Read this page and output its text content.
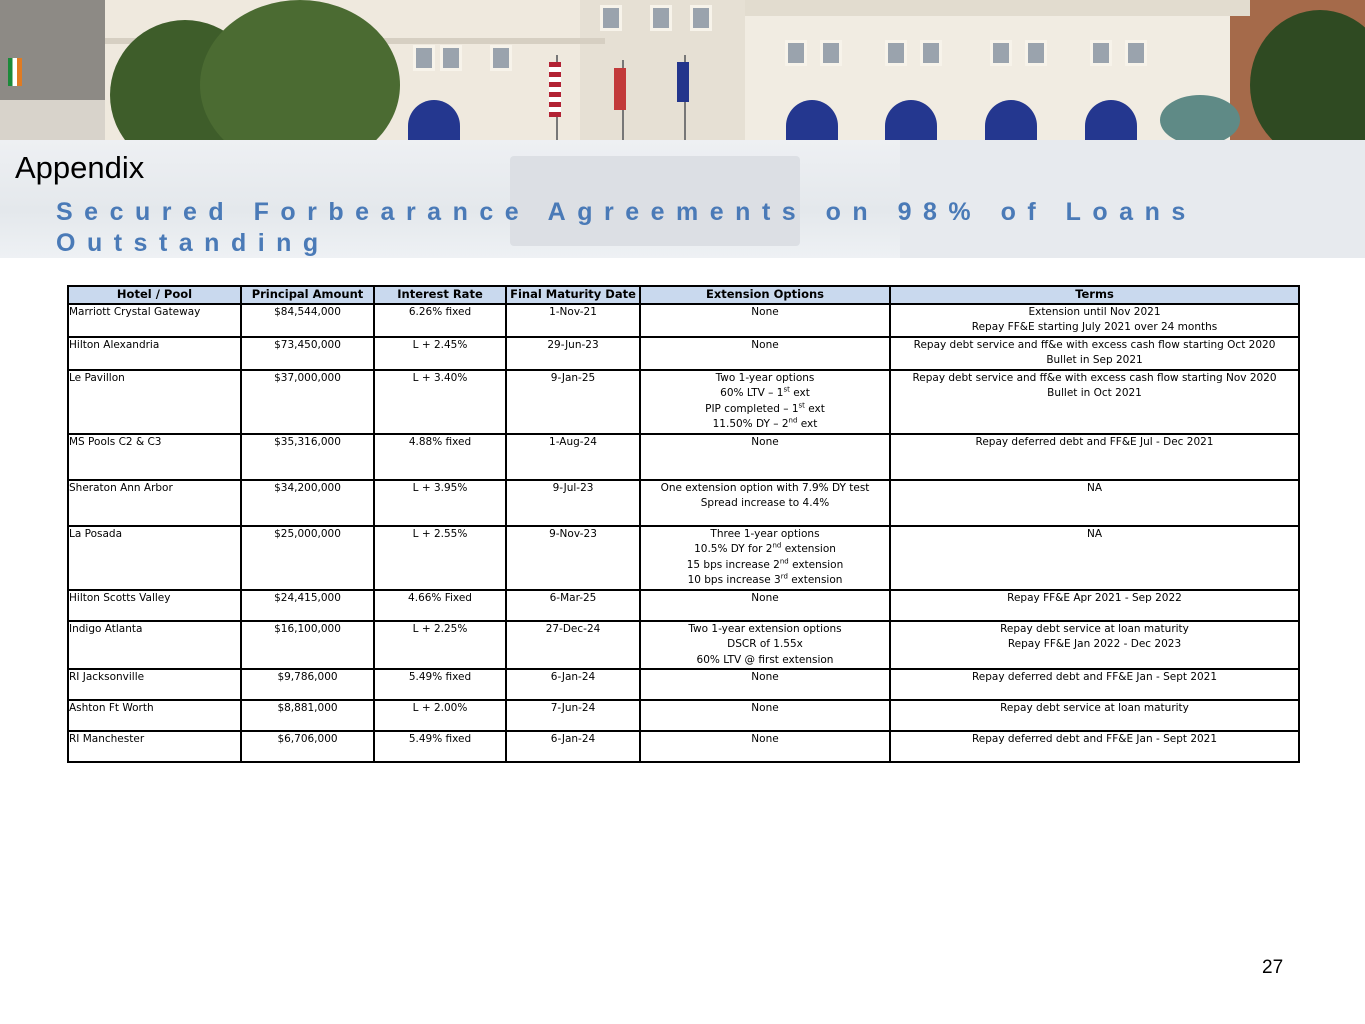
Appendix
Secured Forbearance Agreements on 98% of Loans Outstanding
Hotel / Pool	Principal Amount	Interest Rate	Final Maturity Date	Extension Options	Terms
Marriott Crystal Gateway	$84,544,000	6.26% fixed	1-Nov-21	None	Extension until Nov 2021
Repay FF&E starting July 2021 over 24 months

Hilton Alexandria	$73,450,000	L + 2.45%	29-Jun-23	None	Repay debt service and ff&e with excess cash flow starting Oct 2020
Bullet in Sep 2021

Le Pavillon	$37,000,000	L + 3.40%	9-Jan-25	Two 1-year options
60% LTV – 1st ext
PIP completed – 1st ext
11.50% DY – 2nd ext	Repay debt service and ff&e with excess cash flow starting Nov 2020
Bullet in Oct 2021

MS Pools C2 & C3	$35,316,000	4.88% fixed	1-Aug-24	None	Repay deferred debt and FF&E Jul - Dec 2021

Sheraton Ann Arbor	$34,200,000	L + 3.95%	9-Jul-23	One extension option with 7.9% DY test
Spread increase to 4.4%	NA

La Posada	$25,000,000	L + 2.55%	9-Nov-23	Three 1-year options
10.5% DY for 2nd extension
15 bps increase 2nd extension
10 bps increase 3rd extension	NA

Hilton Scotts Valley	$24,415,000	4.66% Fixed	6-Mar-25	None	Repay FF&E Apr 2021 - Sep 2022

Indigo Atlanta	$16,100,000	L + 2.25%	27-Dec-24	Two 1-year extension options
DSCR of 1.55x
60% LTV @ first extension	Repay debt service at loan maturity
Repay FF&E Jan 2022 - Dec 2023

RI Jacksonville	$9,786,000	5.49% fixed	6-Jan-24	None	Repay deferred debt and FF&E Jan - Sept 2021

Ashton Ft Worth	$8,881,000	L + 2.00%	7-Jun-24	None	Repay debt service at loan maturity

RI Manchester	$6,706,000	5.49% fixed	6-Jan-24	None	Repay deferred debt and FF&E Jan - Sept 2021
27
